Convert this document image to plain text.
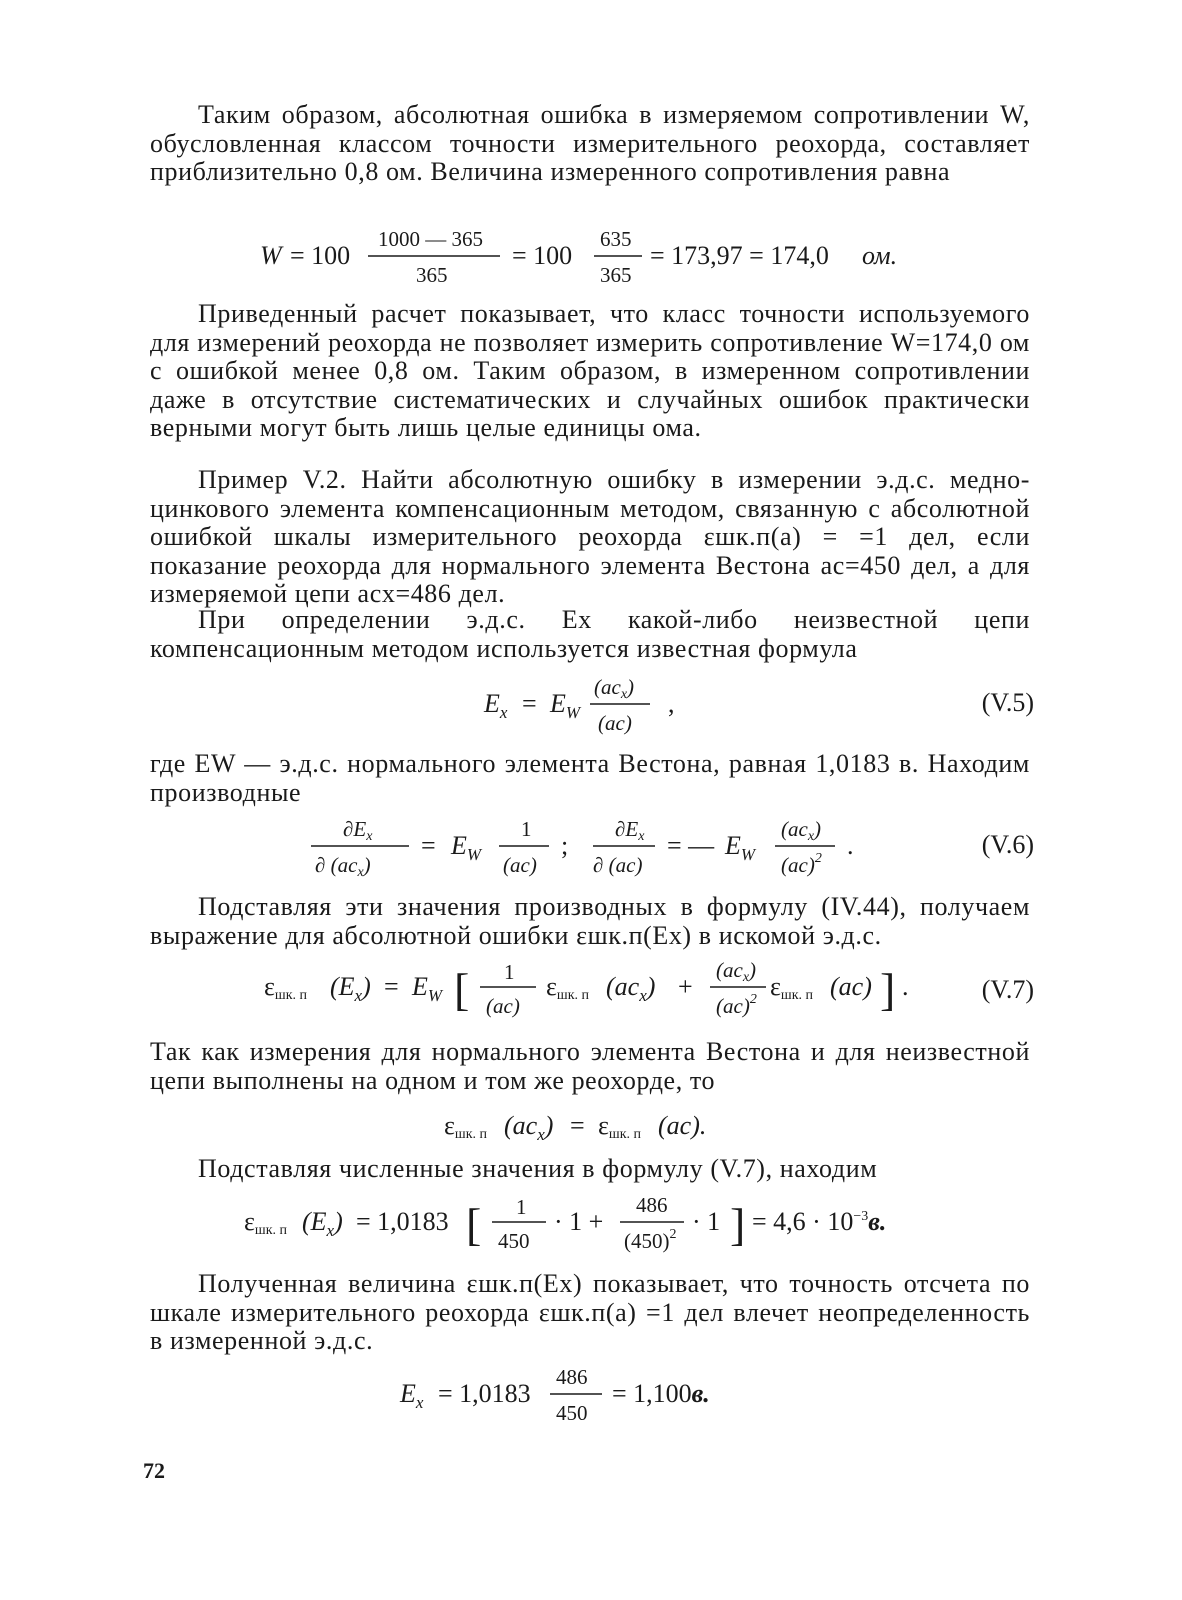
Таким образом, абсолютная ошибка в измеряемом сопротивлении W, обусловленная классом точности измерительного реохорда, составляет приблизительно 0,8 ом. Величина измеренного сопротивления равна
W = 100
1000 — 365
365
= 100
635
365
= 173,97 = 174,0 ом.
Приведенный расчет показывает, что класс точности используемого для измерений реохорда не позволяет измерить сопротивление W=174,0 ом с ошибкой менее 0,8 ом. Таким образом, в измеренном сопротивлении даже в отсутствие систематических и случайных ошибок практически верными могут быть лишь целые единицы ома.
Пример V.2. Найти абсолютную ошибку в измерении э.д.с. медно-цинкового элемента компенсационным методом, связанную с абсолютной ошибкой шкалы измерительного реохорда εшк.п(a) = =1 дел, если показание реохорда для нормального элемента Вестона ac=450 дел, а для измеряемой цепи acx=486 дел.
При определении э.д.с. Ex какой-либо неизвестной цепи компенсационным методом используется известная формула
$E_x = E_W$
(acx)
(ac)
,	(V.5)
где EW — э.д.с. нормального элемента Вестона, равная 1,0183 в. Находим производные
∂Ex
∂ (acx)
= $E_W$
1
(ac)
;
∂Ex
∂ (ac)
= — $E_W$
(acx)
(ac)$^2$ .	(V.6)
Подставляя эти значения производных в формулу (IV.44), получаем выражение для абсолютной ошибки εшк.п(Ex) в искомой э.д.с.
εшк. п $(E_x) = E_W$ [ 1
(ac)
εшк. п $(ac_x)$ +
(acx)
(ac)$^2$ εшк. п (ac) ] .	(V.7)
Так как измерения для нормального элемента Вестона и для неизвестной цепи выполнены на одном и том же реохорде, то
εшк. п $(ac_x) = \varepsilon шк$. п (ac).
Подставляя численные значения в формулу (V.7), находим
εшк. п $(E_x) = 1,0183$ [ 1
450
· 1 +
486
$(450)^2 \cdot 1$ ] = $4,6 \cdot 10^{-3}в$.
Полученная величина εшк.п(Ex) показывает, что точность отсчета по шкале измерительного реохорда εшк.п(a) =1 дел влечет неопределенность в измеренной э.д.с.
$E_x = 1,0183$
486
450
= 1,100в.
72
